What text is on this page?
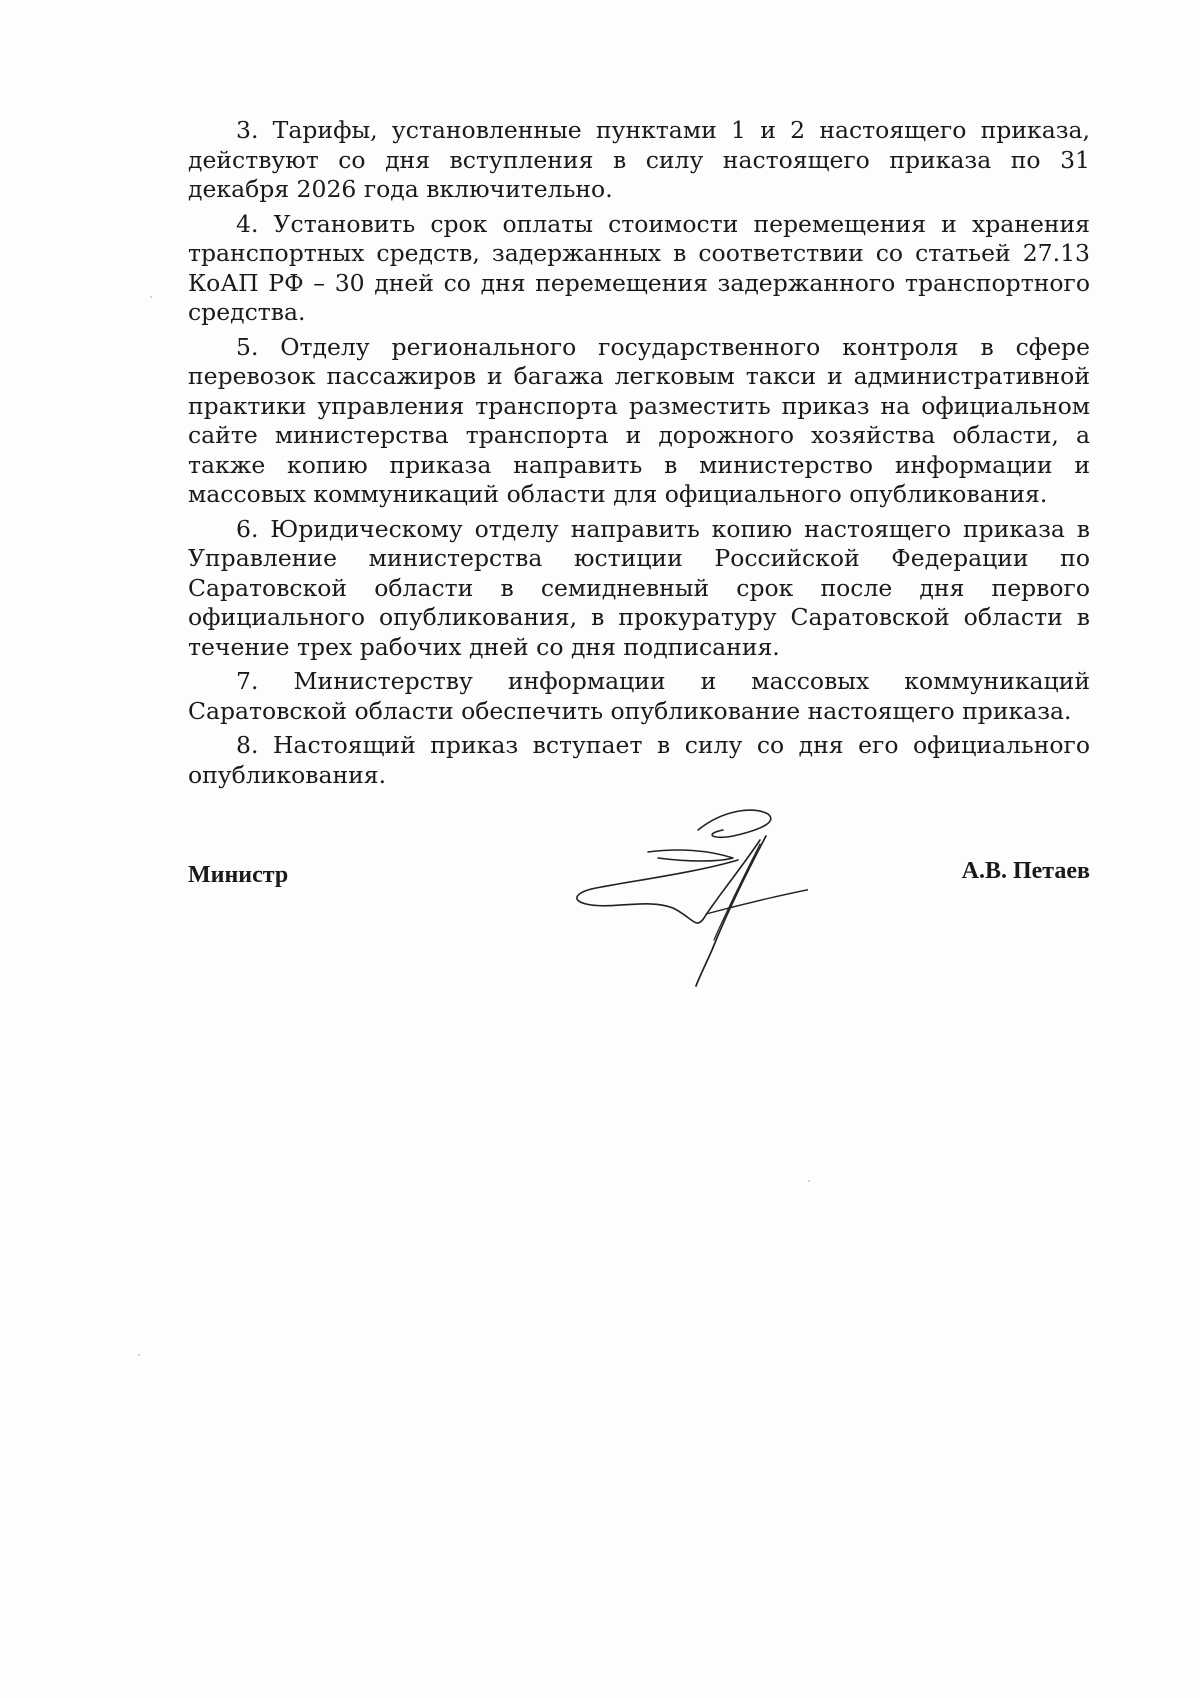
3. Тарифы, установленные пунктами 1 и 2 настоящего приказа, действуют со дня вступления в силу настоящего приказа по 31 декабря 2026 года включительно.

4. Установить срок оплаты стоимости перемещения и хранения транспортных средств, задержанных в соответствии со статьей 27.13 КоАП РФ – 30 дней со дня перемещения задержанного транспортного средства.

5. Отделу регионального государственного контроля в сфере перевозок пассажиров и багажа легковым такси и административной практики управления транспорта разместить приказ на официальном сайте министерства транспорта и дорожного хозяйства области, а также копию приказа направить в министерство информации и массовых коммуникаций области для официального опубликования.

6. Юридическому отделу направить копию настоящего приказа в Управление министерства юстиции Российской Федерации по Саратовской области в семидневный срок после дня первого официального опубликования, в прокуратуру Саратовской области в течение трех рабочих дней со дня подписания.

7. Министерству информации и массовых коммуникаций Саратовской области обеспечить опубликование настоящего приказа.

8. Настоящий приказ вступает в силу со дня его официального опубликования.

Министр	А.В. Петаев
